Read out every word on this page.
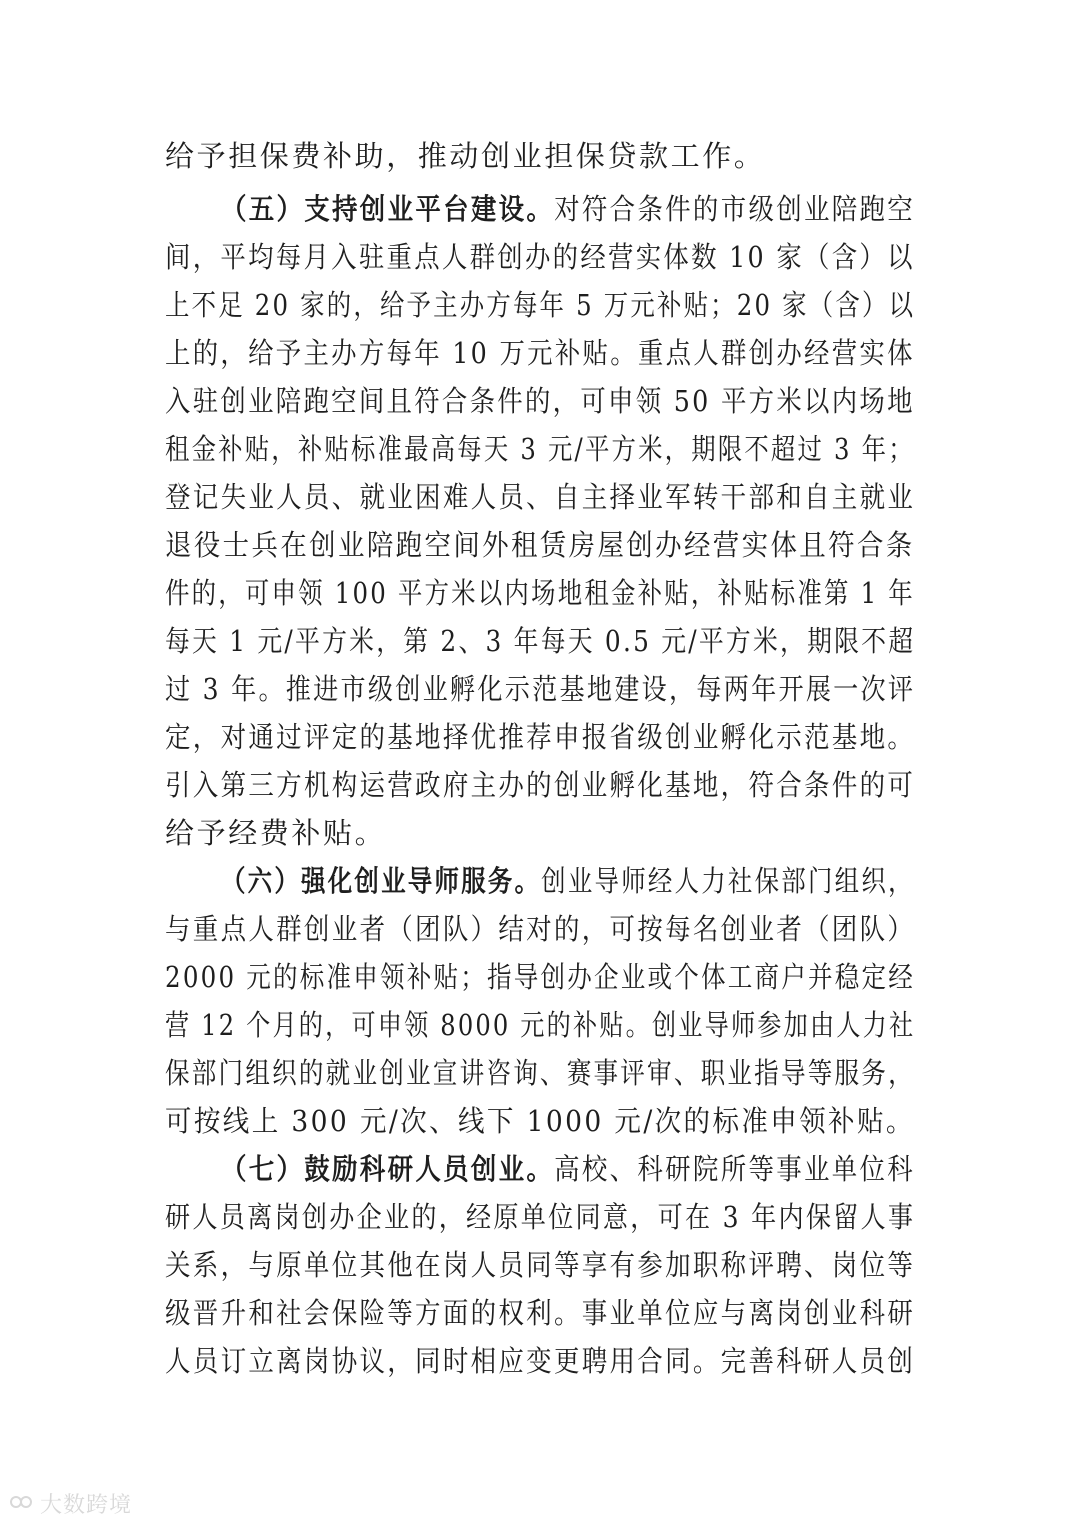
给予担保费补助，推动创业担保贷款工作。
（五）支持创业平台建设。对符合条件的市级创业陪跑空
间，平均每月入驻重点人群创办的经营实体数 10 家（含）以
上不足 20 家的，给予主办方每年 5 万元补贴；20 家（含）以
上的，给予主办方每年 10 万元补贴。重点人群创办经营实体
入驻创业陪跑空间且符合条件的，可申领 50 平方米以内场地
租金补贴，补贴标准最高每天 3 元/平方米，期限不超过 3 年；
登记失业人员、就业困难人员、自主择业军转干部和自主就业
退役士兵在创业陪跑空间外租赁房屋创办经营实体且符合条
件的，可申领 100 平方米以内场地租金补贴，补贴标准第 1 年
每天 1 元/平方米，第 2、3 年每天 0.5 元/平方米，期限不超
过 3 年。推进市级创业孵化示范基地建设，每两年开展一次评
定，对通过评定的基地择优推荐申报省级创业孵化示范基地。
引入第三方机构运营政府主办的创业孵化基地，符合条件的可
给予经费补贴。
（六）强化创业导师服务。创业导师经人力社保部门组织，
与重点人群创业者（团队）结对的，可按每名创业者（团队）
2000 元的标准申领补贴；指导创办企业或个体工商户并稳定经
营 12 个月的，可申领 8000 元的补贴。创业导师参加由人力社
保部门组织的就业创业宣讲咨询、赛事评审、职业指导等服务，
可按线上 300 元/次、线下 1000 元/次的标准申领补贴。
（七）鼓励科研人员创业。高校、科研院所等事业单位科
研人员离岗创办企业的，经原单位同意，可在 3 年内保留人事
关系，与原单位其他在岗人员同等享有参加职称评聘、岗位等
级晋升和社会保险等方面的权利。事业单位应与离岗创业科研
人员订立离岗协议，同时相应变更聘用合同。完善科研人员创
大数跨境
